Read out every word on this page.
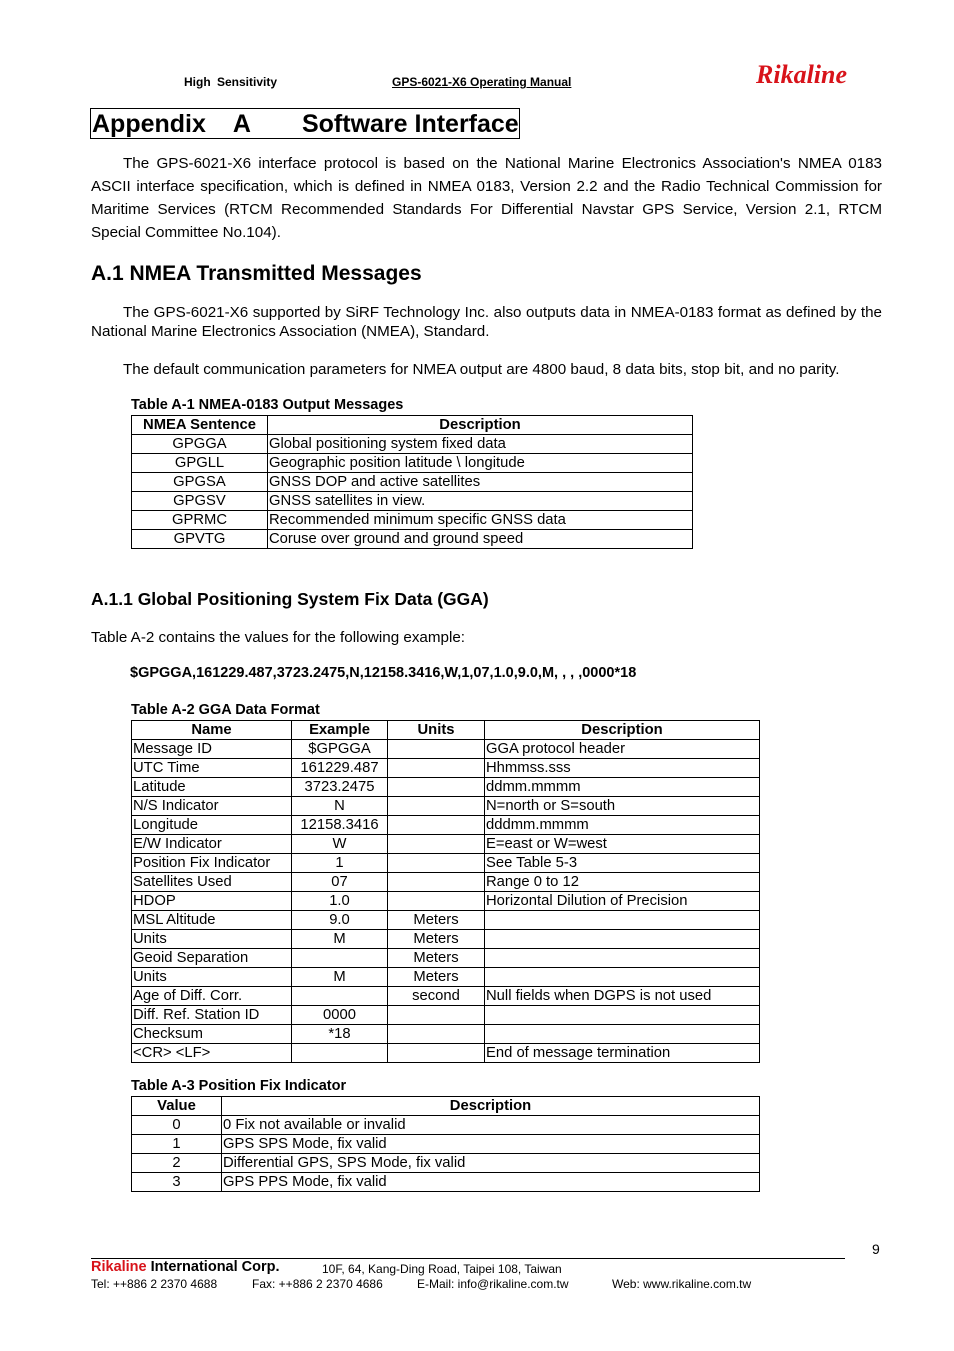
High Sensitivity	GPS-6021-X6 Operating Manual	Rikaline
Appendix A Software Interface
The GPS-6021-X6 interface protocol is based on the National Marine Electronics Association's NMEA 0183 ASCII interface specification, which is defined in NMEA 0183, Version 2.2 and the Radio Technical Commission for Maritime Services (RTCM Recommended Standards For Differential Navstar GPS Service, Version 2.1, RTCM Special Committee No.104).
A.1 NMEA Transmitted Messages
The GPS-6021-X6 supported by SiRF Technology Inc. also outputs data in NMEA-0183 format as defined by the National Marine Electronics Association (NMEA), Standard.
The default communication parameters for NMEA output are 4800 baud, 8 data bits, stop bit, and no parity.
Table A-1 NMEA-0183 Output Messages
NMEA Sentence	Description
GPGGA	Global positioning system fixed data
GPGLL	Geographic position latitude \ longitude
GPGSA	GNSS DOP and active satellites
GPGSV	GNSS satellites in view.
GPRMC	Recommended minimum specific GNSS data
GPVTG	Coruse over ground and ground speed
A.1.1 Global Positioning System Fix Data (GGA)
Table A-2 contains the values for the following example:
$GPGGA,161229.487,3723.2475,N,12158.3416,W,1,07,1.0,9.0,M, , , ,0000*18
Table A-2 GGA Data Format
Name	Example	Units	Description
Message ID	$GPGGA		GGA protocol header
UTC Time	161229.487		Hhmmss.sss
Latitude	3723.2475		ddmm.mmmm
N/S Indicator	N		N=north or S=south
Longitude	12158.3416		dddmm.mmmm
E/W Indicator	W		E=east or W=west
Position Fix Indicator	1		See Table 5-3
Satellites Used	07		Range 0 to 12
HDOP	1.0		Horizontal Dilution of Precision
MSL Altitude	9.0	Meters	
Units	M	Meters	
Geoid Separation		Meters	
Units	M	Meters	
Age of Diff. Corr.		second	Null fields when DGPS is not used
Diff. Ref. Station ID	0000		
Checksum	*18		
<CR> <LF>			End of message termination
Table A-3 Position Fix Indicator
Value	Description
0	0 Fix not available or invalid
1	GPS SPS Mode, fix valid
2	Differential GPS, SPS Mode, fix valid
3	GPS PPS Mode, fix valid
9
Rikaline International Corp.	10F, 64, Kang-Ding Road, Taipei 108, Taiwan
Tel: ++886 2 2370 4688	Fax: ++886 2 2370 4686	E-Mail: info@rikaline.com.tw	Web: www.rikaline.com.tw
